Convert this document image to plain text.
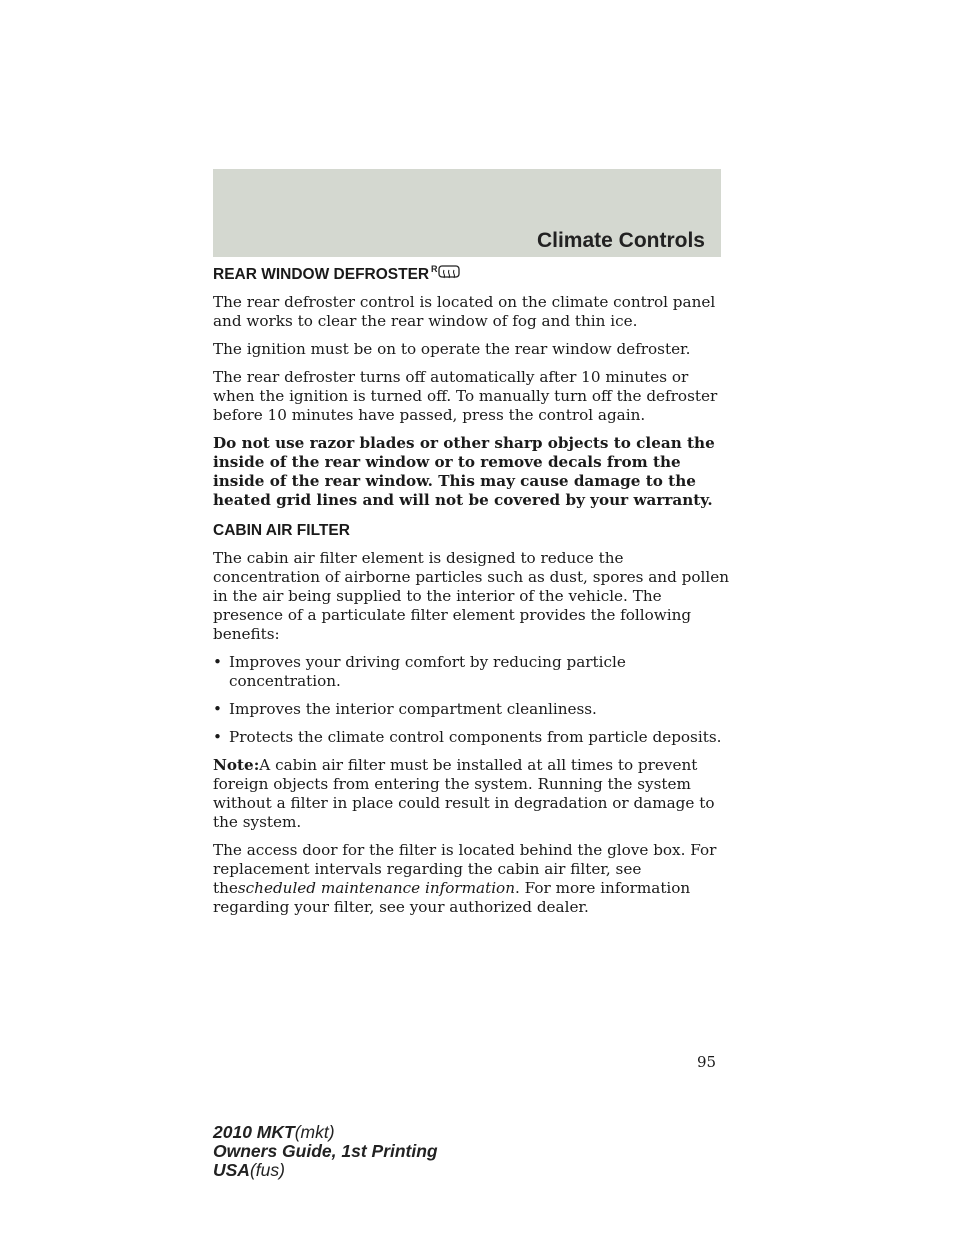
Climate Controls
REAR WINDOW DEFROSTER R

The rear defroster control is located on the climate control panel and works to clear the rear window of fog and thin ice.

The ignition must be on to operate the rear window defroster.

The rear defroster turns off automatically after 10 minutes or when the ignition is turned off. To manually turn off the defroster before 10 minutes have passed, press the control again.

Do not use razor blades or other sharp objects to clean the inside of the rear window or to remove decals from the inside of the rear window. This may cause damage to the heated grid lines and will not be covered by your warranty.

CABIN AIR FILTER

The cabin air filter element is designed to reduce the concentration of airborne particles such as dust, spores and pollen in the air being supplied to the interior of the vehicle. The presence of a particulate filter element provides the following benefits:

• Improves your driving comfort by reducing particle concentration.
• Improves the interior compartment cleanliness.
• Protects the climate control components from particle deposits.

Note:A cabin air filter must be installed at all times to prevent foreign objects from entering the system. Running the system without a filter in place could result in degradation or damage to the system.

The access door for the filter is located behind the glove box. For replacement intervals regarding the cabin air filter, see thescheduled maintenance information. For more information regarding your filter, see your authorized dealer.

95
2010 MKT(mkt)
Owners Guide, 1st Printing
USA(fus)
